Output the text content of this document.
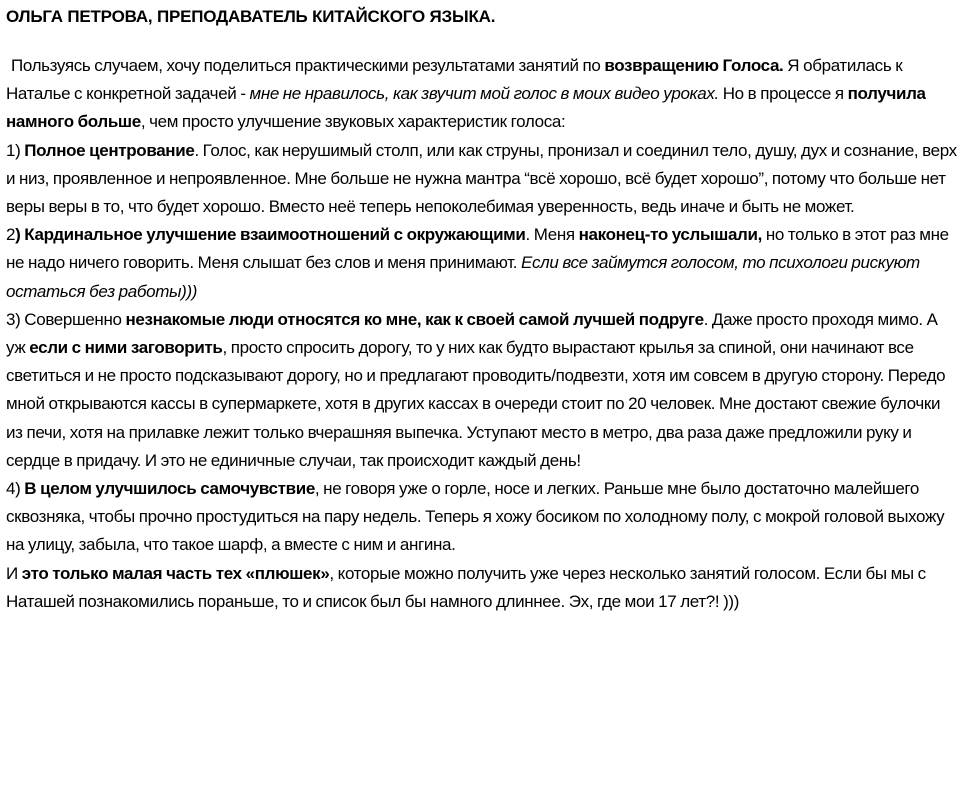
ОЛЬГА ПЕТРОВА, ПРЕПОДАВАТЕЛЬ КИТАЙСКОГО ЯЗЫКА.

Пользуясь случаем, хочу поделиться практическими результатами занятий по возвращению Голоса. Я обратилась к Наталье с конкретной задачей - мне не нравилось, как звучит мой голос в моих видео уроках. Но в процессе я получила намного больше, чем просто улучшение звуковых характеристик голоса:

1) Полное центрование. Голос, как нерушимый столп, или как струны, пронизал и соединил тело, душу, дух и сознание, верх и низ, проявленное и непроявленное. Мне больше не нужна мантра “всё хорошо, всё будет хорошо”, потому что больше нет веры веры в то, что будет хорошо. Вместо неё теперь непоколебимая уверенность, ведь иначе и быть не может.

2) Кардинальное улучшение взаимоотношений с окружающими. Меня наконец-то услышали, но только в этот раз мне не надо ничего говорить. Меня слышат без слов и меня принимают. Если все займутся голосом, то психологи рискуют остаться без работы)))

3) Совершенно незнакомые люди относятся ко мне, как к своей самой лучшей подруге. Даже просто проходя мимо. А уж если с ними заговорить, просто спросить дорогу, то у них как будто вырастают крылья за спиной, они начинают все светиться и не просто подсказывают дорогу, но и предлагают проводить/подвезти, хотя им совсем в другую сторону. Передо мной открываются кассы в супермаркете, хотя в других кассах в очереди стоит по 20 человек. Мне достают свежие булочки из печи, хотя на прилавке лежит только вчерашняя выпечка. Уступают место в метро, два раза даже предложили руку и сердце в придачу. И это не единичные случаи, так происходит каждый день!

4) В целом улучшилось самочувствие, не говоря уже о горле, носе и легких. Раньше мне было достаточно малейшего сквозняка, чтобы прочно простудиться на пару недель. Теперь я хожу босиком по холодному полу, с мокрой головой выхожу на улицу, забыла, что такое шарф, а вместе с ним и ангина.

И это только малая часть тех «плюшек», которые можно получить уже через несколько занятий голосом. Если бы мы с Наташей познакомились пораньше, то и список был бы намного длиннее. Эх, где мои 17 лет?! )))
